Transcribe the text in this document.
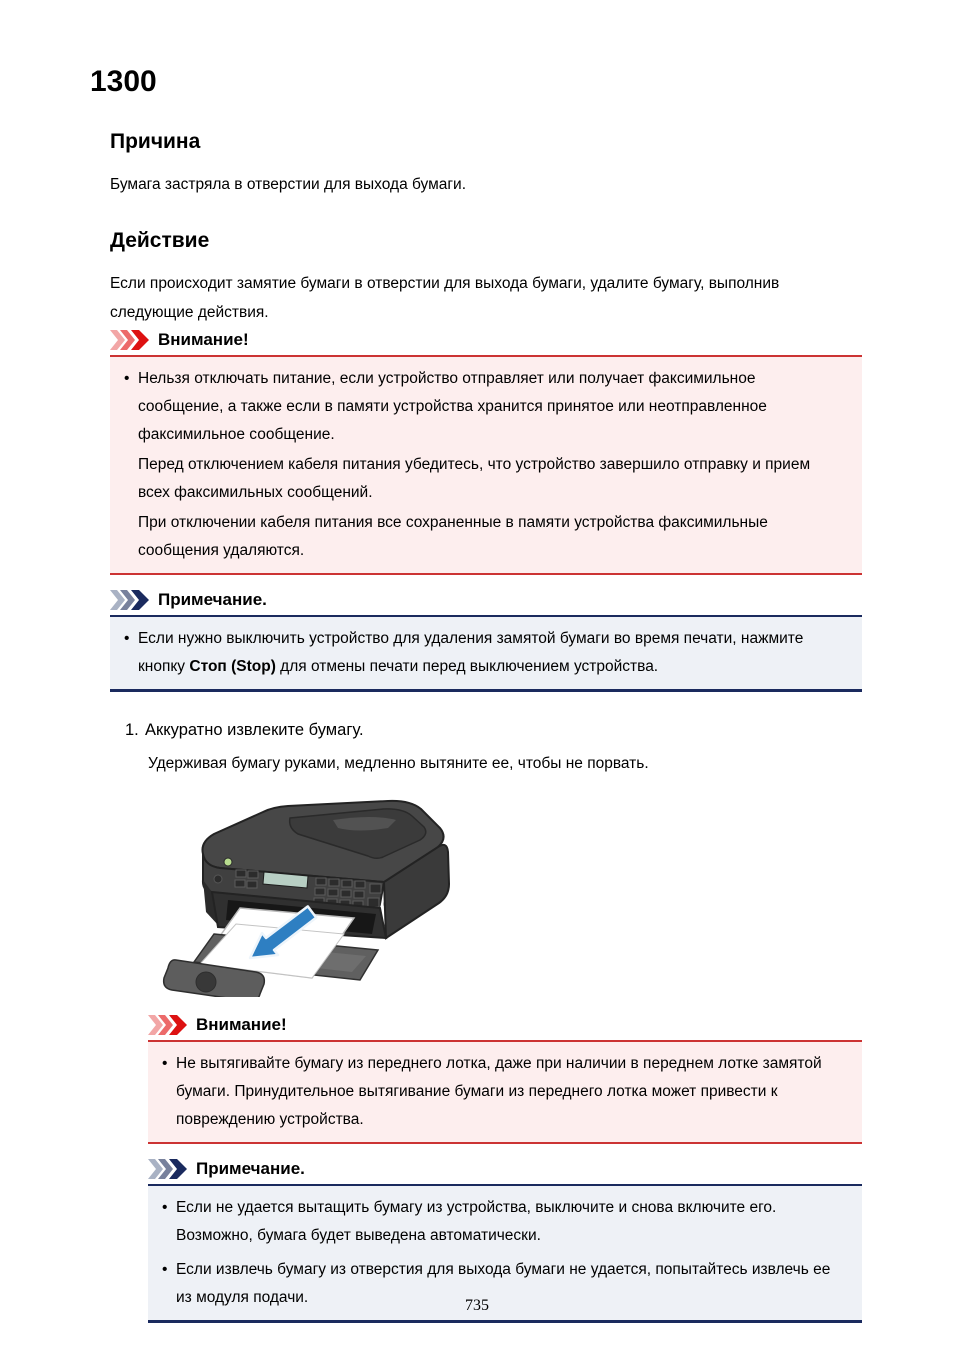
1300
Причина

Бумага застряла в отверстии для выхода бумаги.

Действие

Если происходит замятие бумаги в отверстии для выхода бумаги, удалите бумагу, выполнив следующие действия.

Внимание!

• Нельзя отключать питание, если устройство отправляет или получает факсимильное сообщение, а также если в памяти устройства хранится принятое или неотправленное факсимильное сообщение.

Перед отключением кабеля питания убедитесь, что устройство завершило отправку и прием всех факсимильных сообщений.

При отключении кабеля питания все сохраненные в памяти устройства факсимильные сообщения удаляются.

Примечание.
• Если нужно выключить устройство для удаления замятой бумаги во время печати, нажмите кнопку Стоп (Stop) для отмены печати перед выключением устройства.
1. Аккуратно извлеките бумагу.

Удерживая бумагу руками, медленно вытяните ее, чтобы не порвать.

Внимание!
• Не вытягивайте бумагу из переднего лотка, даже при наличии в переднем лотке замятой бумаги. Принудительное вытягивание бумаги из переднего лотка может привести к повреждению устройства.
Примечание.
• Если не удается вытащить бумагу из устройства, выключите и снова включите его. Возможно, бумага будет выведена автоматически.
• Если извлечь бумагу из отверстия для выхода бумаги не удается, попытайтесь извлечь ее из модуля подачи.	735
